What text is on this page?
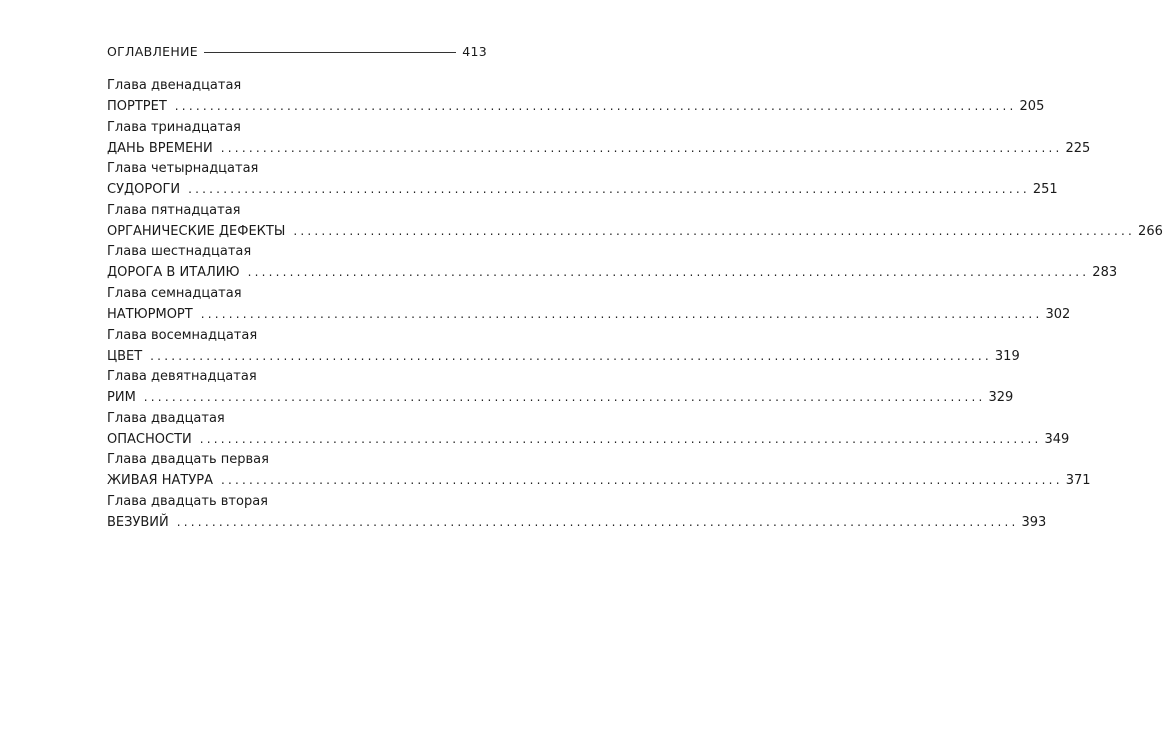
ОГЛАВЛЕНИЕ	413
Глава двенадцатая
ПОРТРЕТ ........................................................................................................................ 205
Глава тринадцатая
ДАНЬ ВРЕМЕНИ ........................................................................................................................ 225
Глава четырнадцатая
СУДОРОГИ ........................................................................................................................ 251
Глава пятнадцатая
ОРГАНИЧЕСКИЕ ДЕФЕКТЫ ........................................................................................................................ 266
Глава шестнадцатая
ДОРОГА В ИТАЛИЮ ........................................................................................................................ 283
Глава семнадцатая
НАТЮРМОРТ ........................................................................................................................ 302
Глава восемнадцатая
ЦВЕТ ........................................................................................................................ 319
Глава девятнадцатая
РИМ ........................................................................................................................ 329
Глава двадцатая
ОПАСНОСТИ ........................................................................................................................ 349
Глава двадцать первая
ЖИВАЯ НАТУРА ........................................................................................................................ 371
Глава двадцать вторая
ВЕЗУВИЙ ........................................................................................................................ 393
